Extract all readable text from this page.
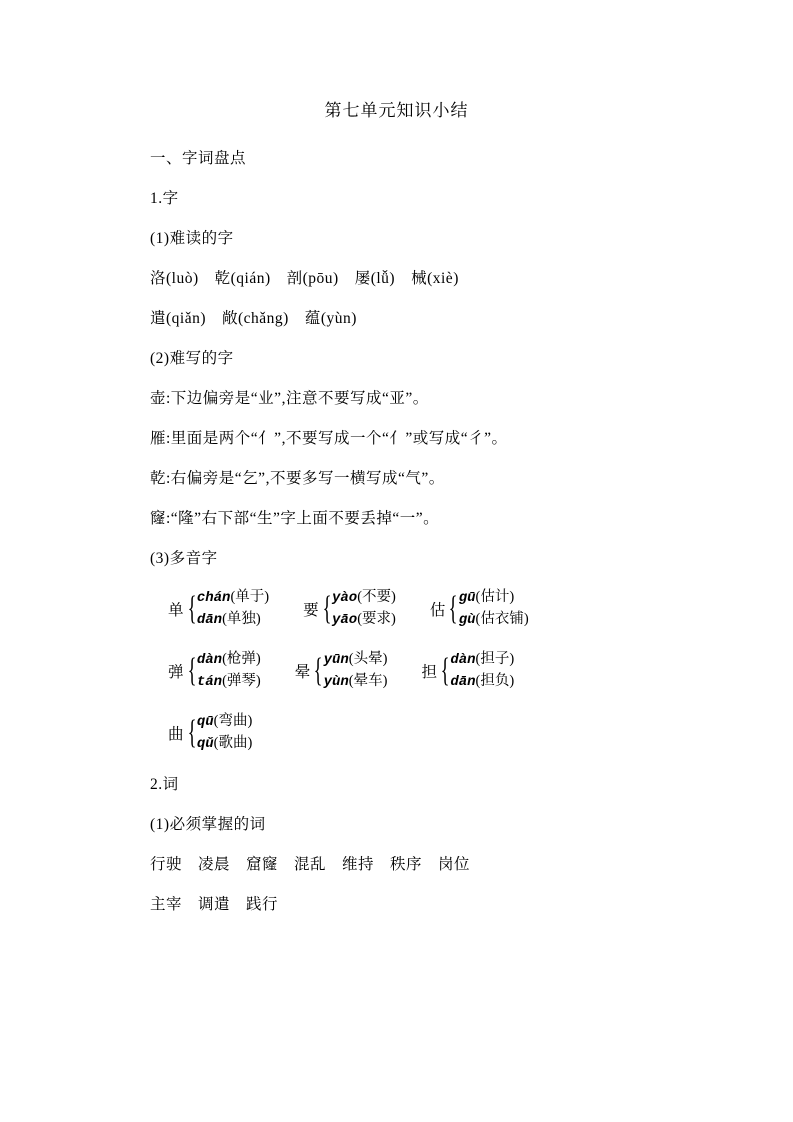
第七单元知识小结
一、字词盘点
1.字
(1)难读的字
洛(luò)　乾(qián)　剖(pōu)　屡(lǚ)　械(xiè)
遣(qiǎn)　敞(chǎng)　蕴(yùn)
(2)难写的字
壶:下边偏旁是“业”,注意不要写成“亚”。
雁:里面是两个“亻”,不要写成一个“亻”或写成“彳”。
乾:右偏旁是“乞”,不要多写一横写成“气”。
窿:“隆”右下部“生”字上面不要丢掉“一”。
(3)多音字
单 { chán(单于)
dān(单独)	要 { yào(不要)
yāo(要求) 估 { gū(估计)
gù(估衣铺)
弹 { dàn(枪弹)
tán(弹琴) 晕 { yūn(头晕)
yùn(晕车) 担 { dàn(担子)
dān(担负)
曲 { qū(弯曲)
qǔ(歌曲)
2.词
(1)必须掌握的词
行驶　凌晨　窟窿　混乱　维持　秩序　岗位
主宰　调遣　践行
